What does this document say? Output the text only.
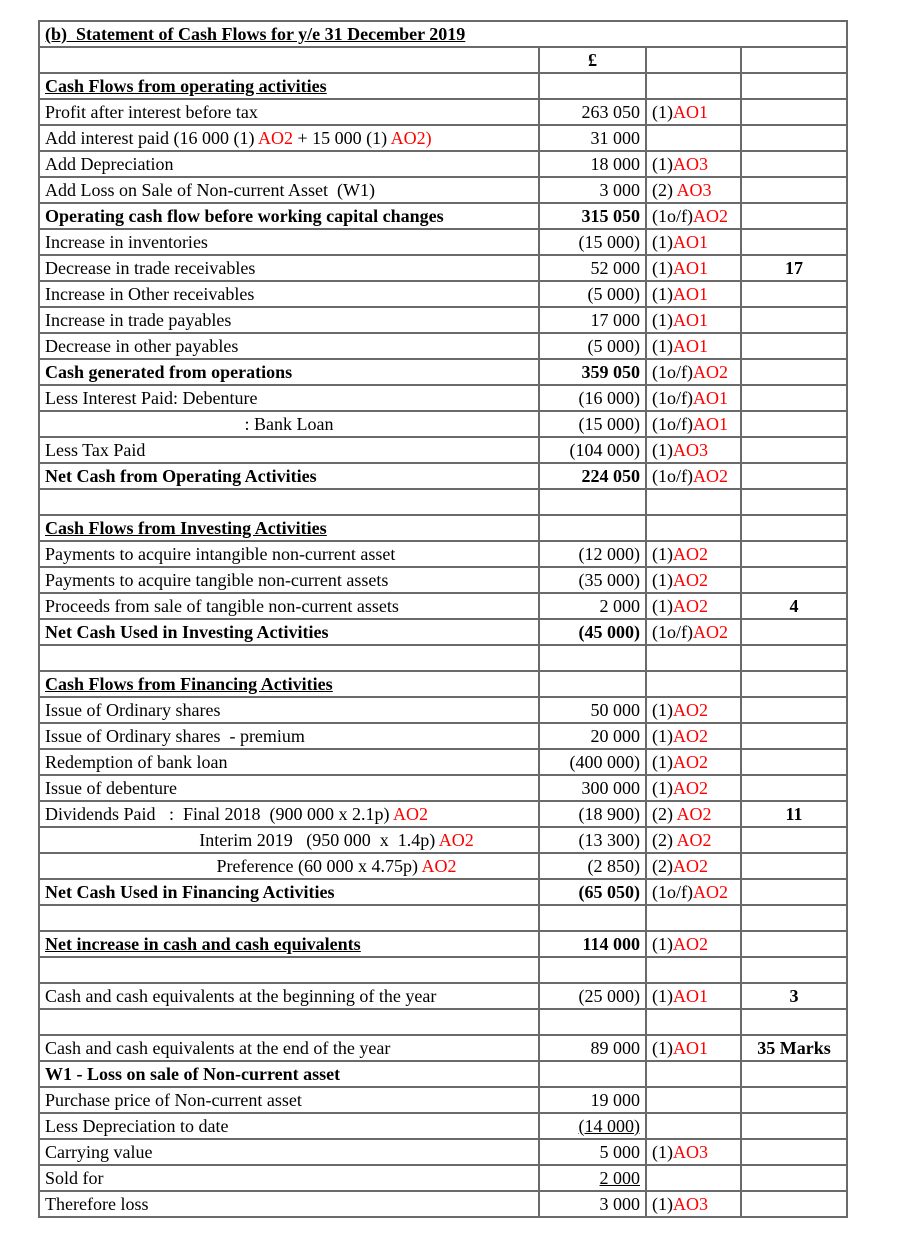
(b)  Statement of Cash Flows for y/e 31 December 2019			
	£		
Cash Flows from operating activities			
Profit after interest before tax	263 050	(1)AO1	
Add interest paid (16 000 (1) AO2 + 15 000 (1) AO2)	31 000		
Add Depreciation	18 000	(1)AO3	
Add Loss on Sale of Non-current Asset  (W1)	3 000	(2) AO3	
Operating cash flow before working capital changes	315 050	(1o/f)AO2	
Increase in inventories	(15 000)	(1)AO1	
Decrease in trade receivables	52 000	(1)AO1	17
Increase in Other receivables	(5 000)	(1)AO1	
Increase in trade payables	17 000	(1)AO1	
Decrease in other payables	(5 000)	(1)AO1	
Cash generated from operations	359 050	(1o/f)AO2	
Less Interest Paid: Debenture	(16 000)	(1o/f)AO1	
: Bank Loan	(15 000)	(1o/f)AO1	
Less Tax Paid	(104 000)	(1)AO3	
Net Cash from Operating Activities	224 050	(1o/f)AO2	

Cash Flows from Investing Activities			
Payments to acquire intangible non-current asset	(12 000)	(1)AO2	
Payments to acquire tangible non-current assets	(35 000)	(1)AO2	
Proceeds from sale of tangible non-current assets	2 000	(1)AO2	4
Net Cash Used in Investing Activities	(45 000)	(1o/f)AO2	

Cash Flows from Financing Activities			
Issue of Ordinary shares	50 000	(1)AO2	
Issue of Ordinary shares  - premium	20 000	(1)AO2	
Redemption of bank loan	(400 000)	(1)AO2	
Issue of debenture	300 000	(1)AO2	
Dividends Paid   :  Final 2018  (900 000 x 2.1p) AO2	(18 900)	(2) AO2	11
Interim 2019   (950 000  x  1.4p) AO2	(13 300)	(2) AO2	
Preference (60 000 x 4.75p) AO2	(2 850)	(2)AO2	
Net Cash Used in Financing Activities	(65 050)	(1o/f)AO2	

Net increase in cash and cash equivalents	114 000	(1)AO2	

Cash and cash equivalents at the beginning of the year	(25 000)	(1)AO1	3

Cash and cash equivalents at the end of the year	89 000	(1)AO1	35 Marks
W1 - Loss on sale of Non-current asset			
Purchase price of Non-current asset	19 000		
Less Depreciation to date	(14 000)		
Carrying value	5 000	(1)AO3	
Sold for	2 000		
Therefore loss	3 000	(1)AO3	
